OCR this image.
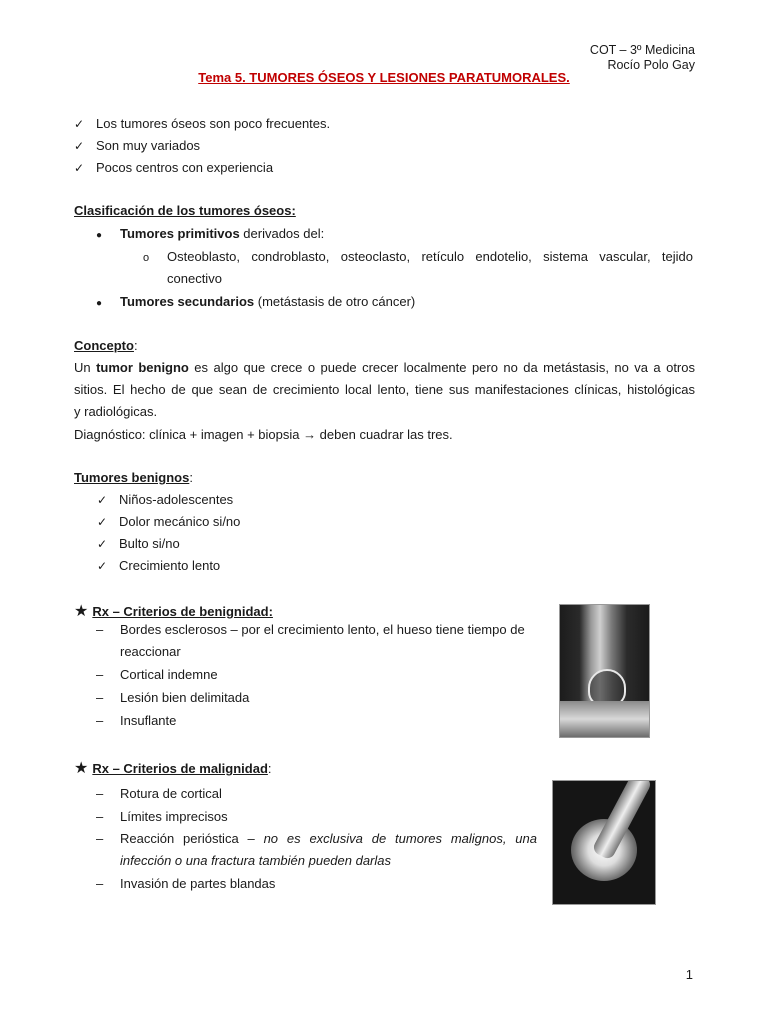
COT – 3º Medicina
Rocío Polo Gay
Tema 5. TUMORES ÓSEOS Y LESIONES PARATUMORALES.
✓ Los tumores óseos son poco frecuentes.
✓ Son muy variados
✓ Pocos centros con experiencia
Clasificación de los tumores óseos:
● Tumores primitivos derivados del:
o Osteoblasto, condroblasto, osteoclasto, retículo endotelio, sistema vascular, tejido
conectivo
● Tumores secundarios (metástasis de otro cáncer)
Concepto:
Un tumor benigno es algo que crece o puede crecer localmente pero no da metástasis, no va a otros
sitios. El hecho de que sean de crecimiento local lento, tiene sus manifestaciones clínicas, histológicas
y radiológicas.
Diagnóstico: clínica + imagen + biopsia → deben cuadrar las tres.
Tumores benignos:
✓ Niños-adolescentes
✓ Dolor mecánico si/no
✓ Bulto si/no
✓ Crecimiento lento
★ Rx – Criterios de benignidad:
– Bordes esclerosos – por el crecimiento lento, el hueso tiene tiempo de
reaccionar
– Cortical indemne
– Lesión bien delimitada
– Insuflante
★ Rx – Criterios de malignidad:
– Rotura de cortical
– Límites imprecisos
– Reacción perióstica – no es exclusiva de tumores malignos, una
infección o una fractura también pueden darlas
– Invasión de partes blandas
1
